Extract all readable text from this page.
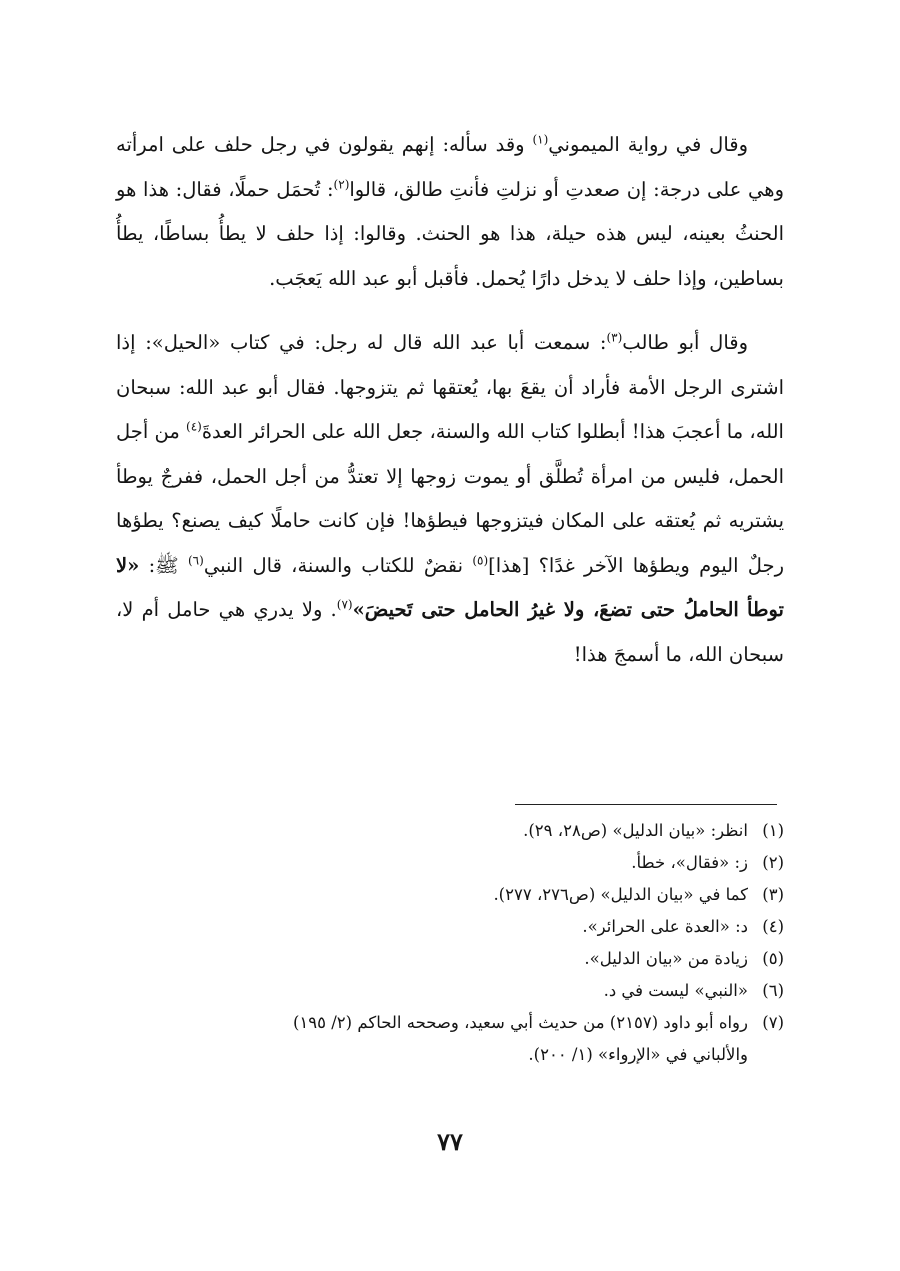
وقال في رواية الميموني$^{(١)}$ وقد سأله: إنهم يقولون في رجل حلف على امرأته وهي على درجة: إن صعدتِ أو نزلتِ فأنتِ طالق، قالوا$^{(٢)}$: تُحمَل حملًا، فقال: هذا هو الحنثُ بعينه، ليس هذه حيلة، هذا هو الحنث. وقالوا: إذا حلف لا يطأُ بساطًا، يطأُ بساطين، وإذا حلف لا يدخل دارًا يُحمل. فأقبل أبو عبد الله يَعجَب.

وقال أبو طالب$^{(٣)}$: سمعت أبا عبد الله قال له رجل: في كتاب «الحيل»: إذا اشترى الرجل الأمة فأراد أن يقعَ بها، يُعتقها ثم يتزوجها. فقال أبو عبد الله: سبحان الله، ما أعجبَ هذا! أبطلوا كتاب الله والسنة، جعل الله على الحرائر العدةَ$^{(٤)}$ من أجل الحمل، فليس من امرأة تُطلَّق أو يموت زوجها إلا تعتدُّ من أجل الحمل، ففرجٌ يوطأ يشتريه ثم يُعتقه على المكان فيتزوجها فيطؤها! فإن كانت حاملًا كيف يصنع؟ يطؤها رجلٌ اليوم ويطؤها الآخر غدًا؟ [هذا]$^{(٥)}$ نقضٌ للكتاب والسنة، قال النبي$^{(٦)}$ ﷺ: «لا توطأ الحاملُ حتى تضعَ، ولا غيرُ الحامل حتى تَحيضَ»$^{(٧)}$. ولا يدري هي حامل أم لا، سبحان الله، ما أسمجَ هذا!

(١)
انظر: «بيان الدليل» (ص٢٨، ٢٩).

(٢)
ز: «فقال»، خطأ.

(٣)
كما في «بيان الدليل» (ص٢٧٦، ٢٧٧).

(٤)
د: «العدة على الحرائر».

(٥)
زيادة من «بيان الدليل».

(٦)
«النبي» ليست في د.

(٧)
رواه أبو داود (٢١٥٧) من حديث أبي سعيد، وصححه الحاكم (٢/ ١٩٥)
والألباني في «الإرواء» (١/ ٢٠٠).

٧٧
